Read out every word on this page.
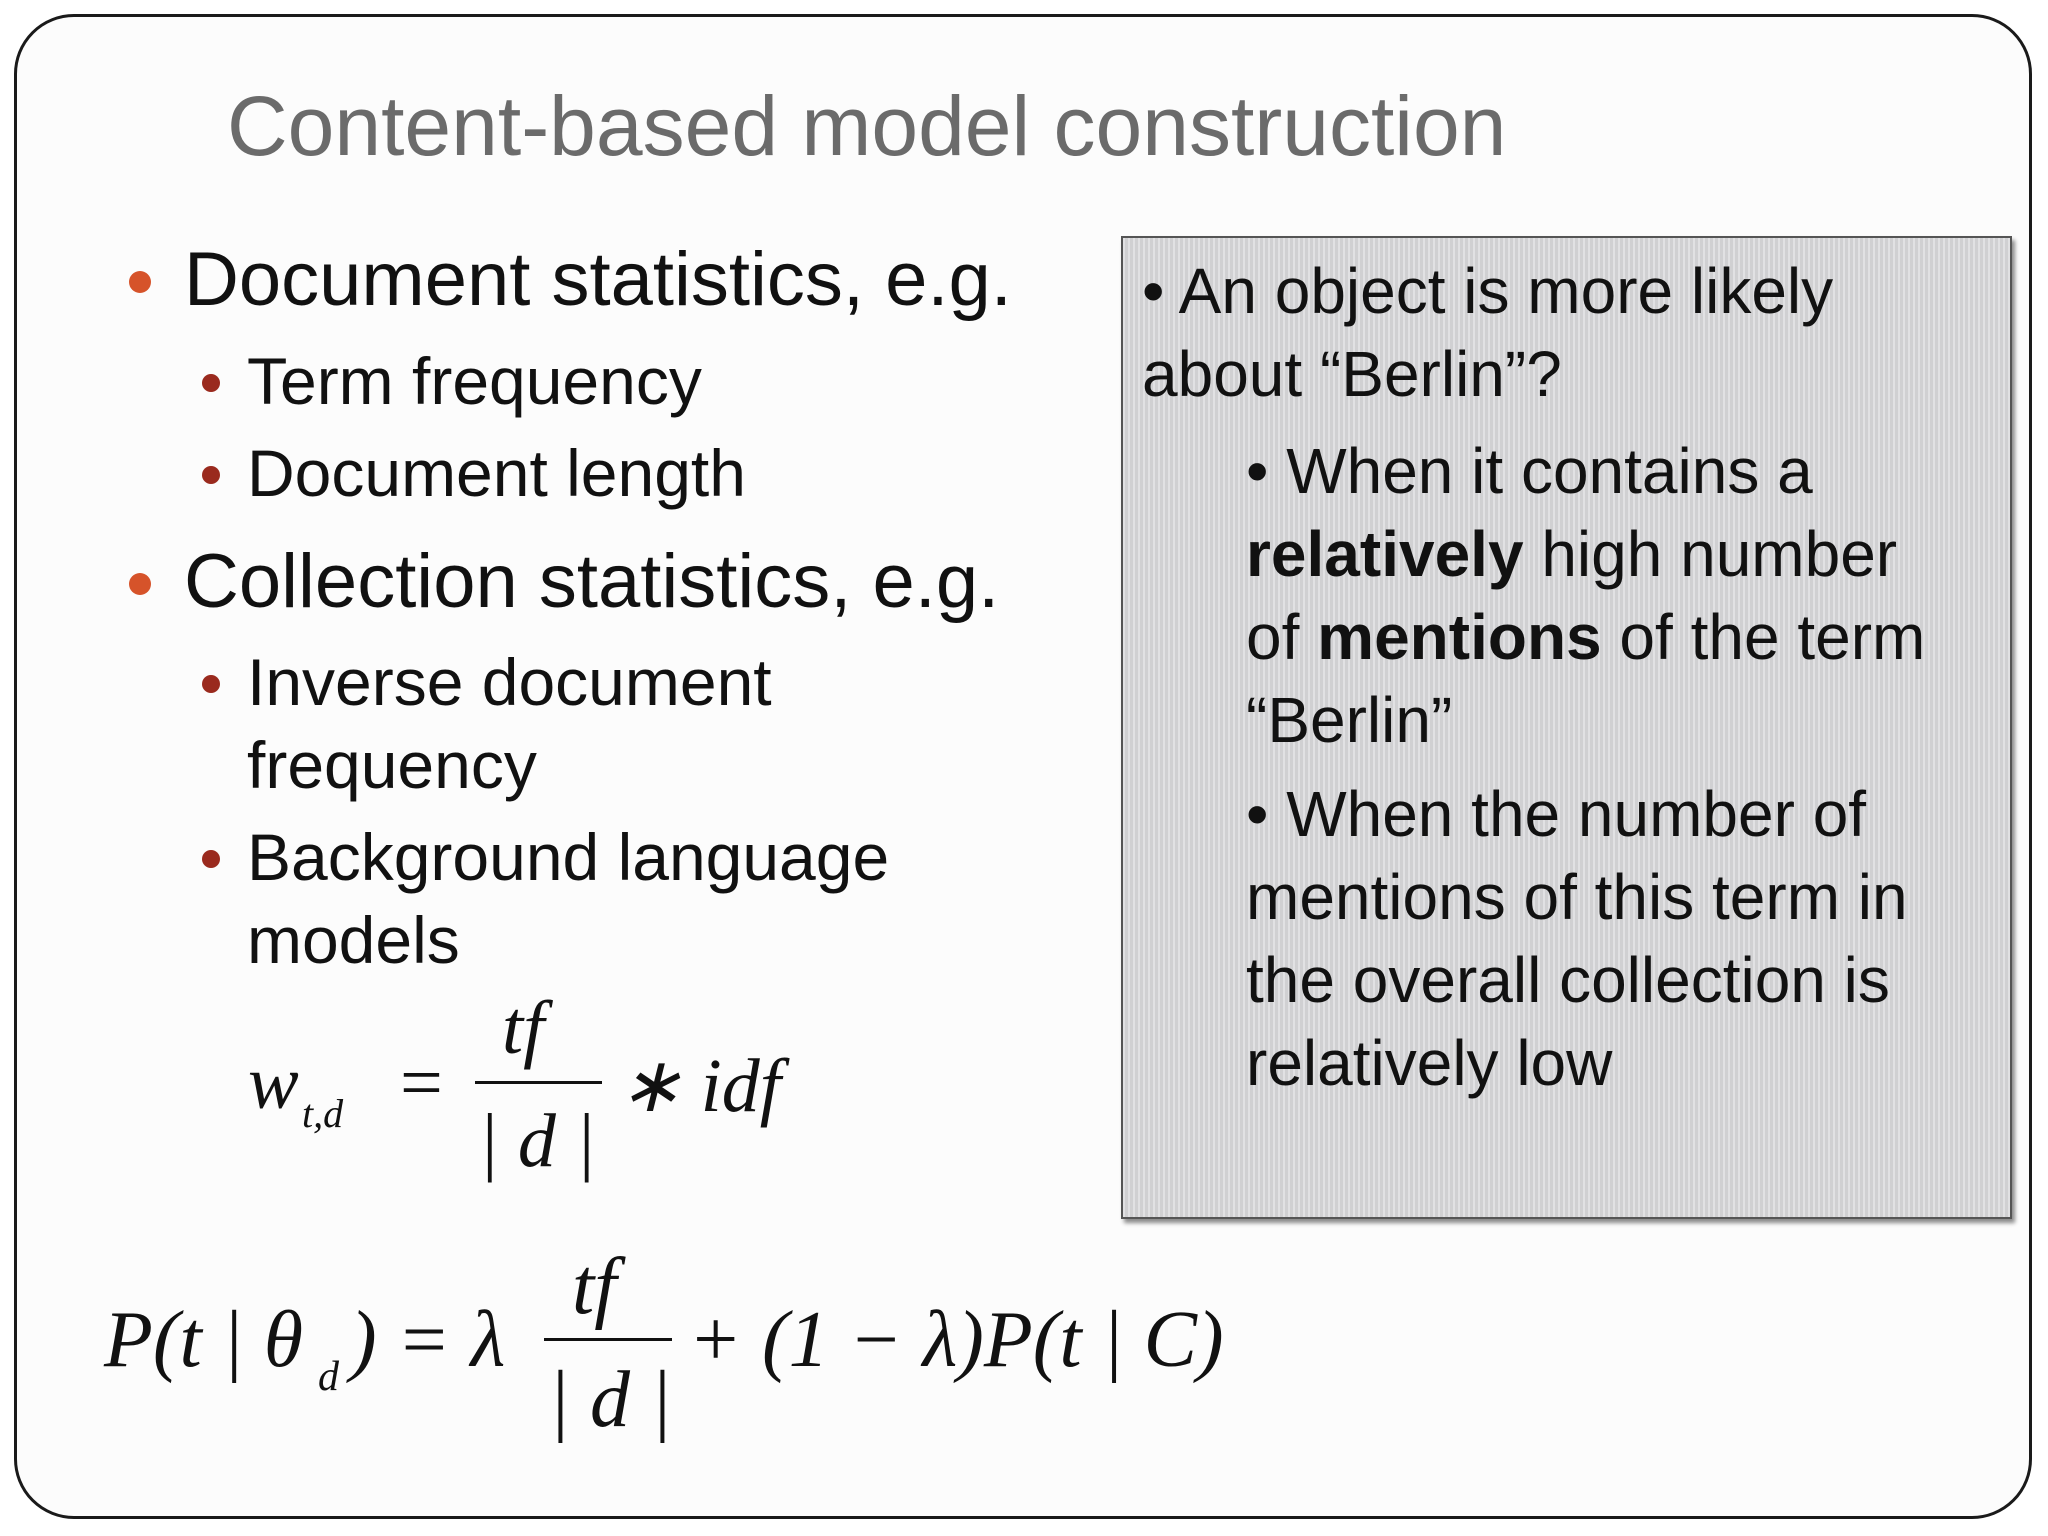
Content-based model construction
Document statistics, e.g.
Term frequency
Document length
Collection statistics, e.g.
Inverse document
frequency
Background language
models
w t,d =
tf
| d |
∗ idf
P(t | θ d ) = λ
tf
| d |
+ (1 − λ)P(t | C)
• An object is more likely
about “Berlin”?
• When it contains a
relatively high number
of mentions of the term
“Berlin”
• When the number of
mentions of this term in
the overall collection is
relatively low
